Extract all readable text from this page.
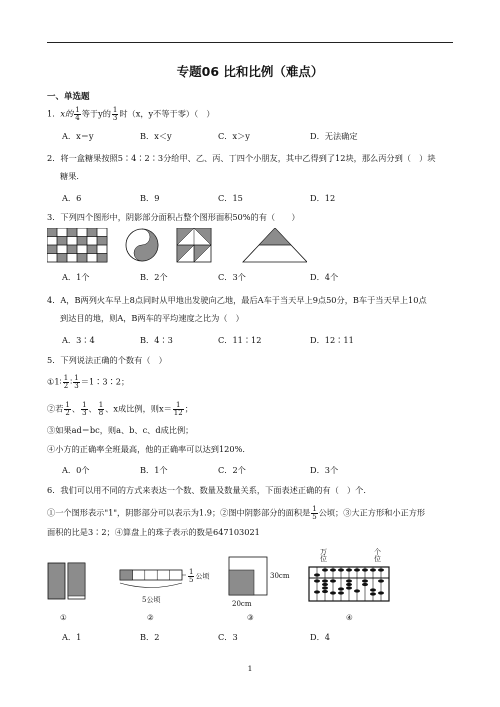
专题06 比和比例（难点）
一、单选题
1．x的 $\frac{1}{4}$ 等于y的 $\frac{1}{3}$ 时（x，y不等于零）（　）
A．x＝y	B．x＜y	C．x＞y	D．无法确定
2．将一盒糖果按照5∶4∶2∶3分给甲、乙、丙、丁四个小朋友，其中乙得到了12块，那么丙分到（　）块
糖果．
A．6	B．9	C．15	D．12
3．下列四个图形中，阴影部分面积占整个图形面积50%的有（　　）
A．1个	B．2个	C．3个	D．4个
4．A，B两列火车早上8点同时从甲地出发驶向乙地，最后A车于当天早上9点50分，B车于当天早上10点
到达目的地，则A，B两车的平均速度之比为（　）
A．3∶4	B．4∶3	C．11∶12	D．12∶11
5．下列说法正确的个数有（　）
①1∶ $\frac{1}{2}$ ∶ $\frac{1}{3}$ ＝1∶3∶2；
②若 $\frac{1}{2}$ 、 $\frac{1}{3}$ 、 $\frac{1}{8}$ 、x成比例，则$x= \frac{1}{12}$ ；
③如果ad＝bc，则a、b、c、d成比例；
④小方的正确率全班最高，他的正确率可以达到120%．
A．0个	B．1个	C．2个	D．3个
6．我们可以用不同的方式来表达一个数、数量及数量关系，下面表述正确的有（　）个．
①一个图形表示"1"，阴影部分可以表示为1.9；②图中阴影部分的面积是 $\frac{1}{5}$ 公顷；③大正方形和小正方形
面积的比是3∶2；④算盘上的珠子表示的数是647103021
$\frac{1}{5}$ 公顷
5公顷
30cm
20cm
万
位
个
位
①	②	③	④
A．1	B．2	C．3	D．4
1
